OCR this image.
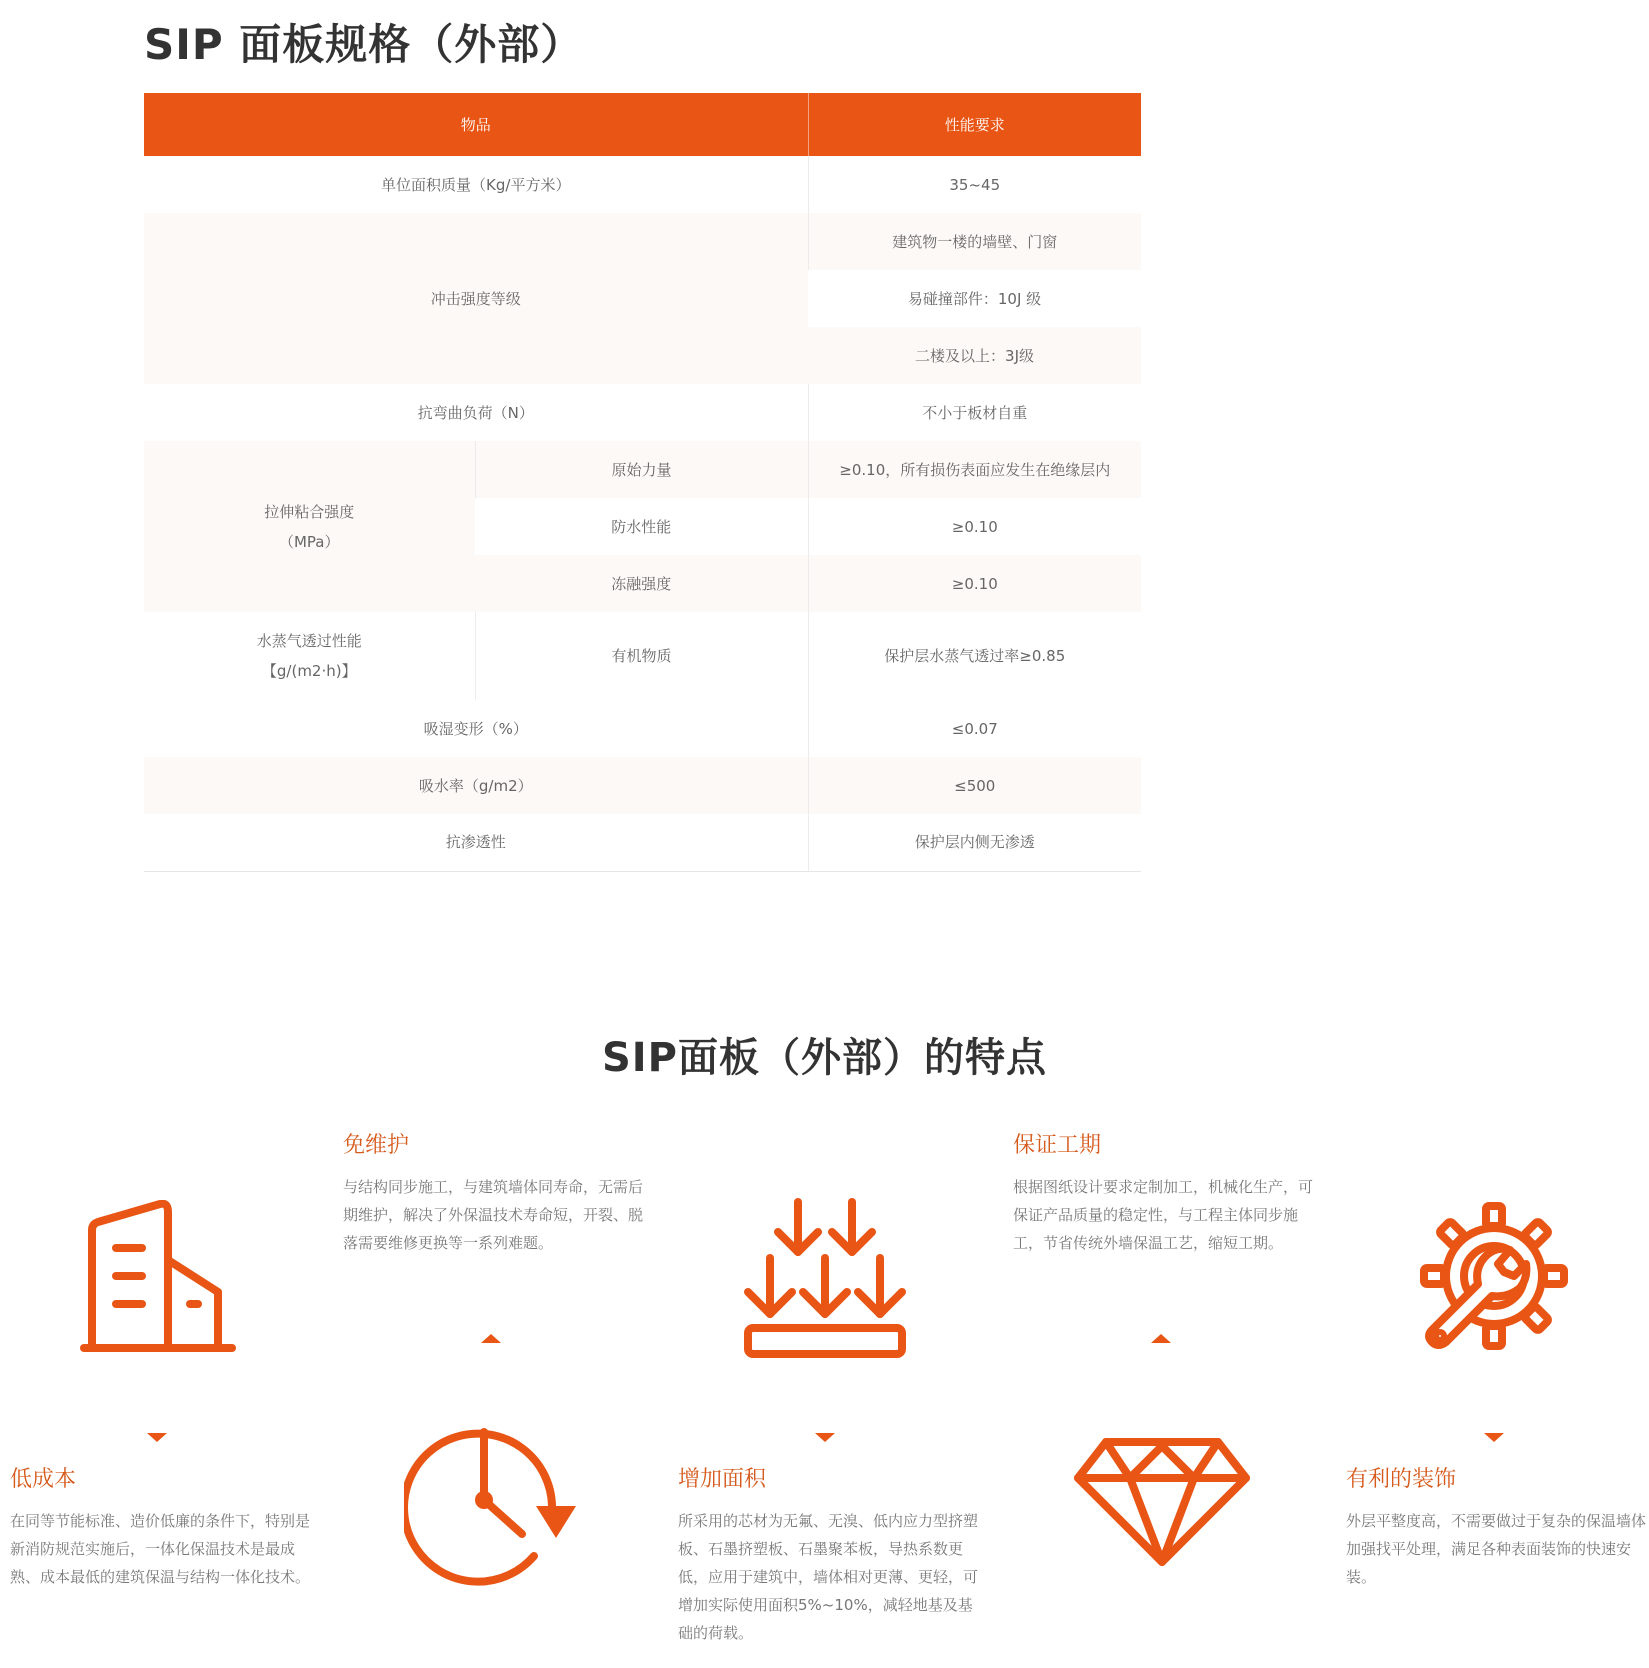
SIP 面板规格（外部）
物品		性能要求
单位面积质量（Kg/平方米）		35~45
冲击强度等级		建筑物一楼的墙壁、门窗
		易碰撞部件：10J 级
		二楼及以上：3J级
抗弯曲负荷（N）		不小于板材自重

拉伸粘合强度
（MPa）	原始力量	≥0.10，所有损伤表面应发生在绝缘层内
	防水性能	≥0.10
	冻融强度	≥0.10

水蒸气透过性能
【g/(m2·h)】	有机物质	保护层水蒸气透过率≥0.85
吸湿变形（%）		≤0.07
吸水率（g/m2）		≤500
抗渗透性		保护层内侧无渗透
SIP面板（外部）的特点
免维护

与结构同步施工，与建筑墙体同寿命，无需后期维护，解决了外保温技术寿命短，开裂、脱落需要维修更换等一系列难题。

保证工期

根据图纸设计要求定制加工，机械化生产，可保证产品质量的稳定性，与工程主体同步施工，节省传统外墙保温工艺，缩短工期。

低成本

在同等节能标准、造价低廉的条件下，特别是新消防规范实施后，一体化保温技术是最成熟、成本最低的建筑保温与结构一体化技术。

增加面积

所采用的芯材为无氟、无溴、低内应力型挤塑板、石墨挤塑板、石墨聚苯板，导热系数更低，应用于建筑中，墙体相对更薄、更轻，可增加实际使用面积5%~10%，减轻地基及基础的荷载。

有利的装饰

外层平整度高，不需要做过于复杂的保温墙体加强找平处理，满足各种表面装饰的快速安装。
